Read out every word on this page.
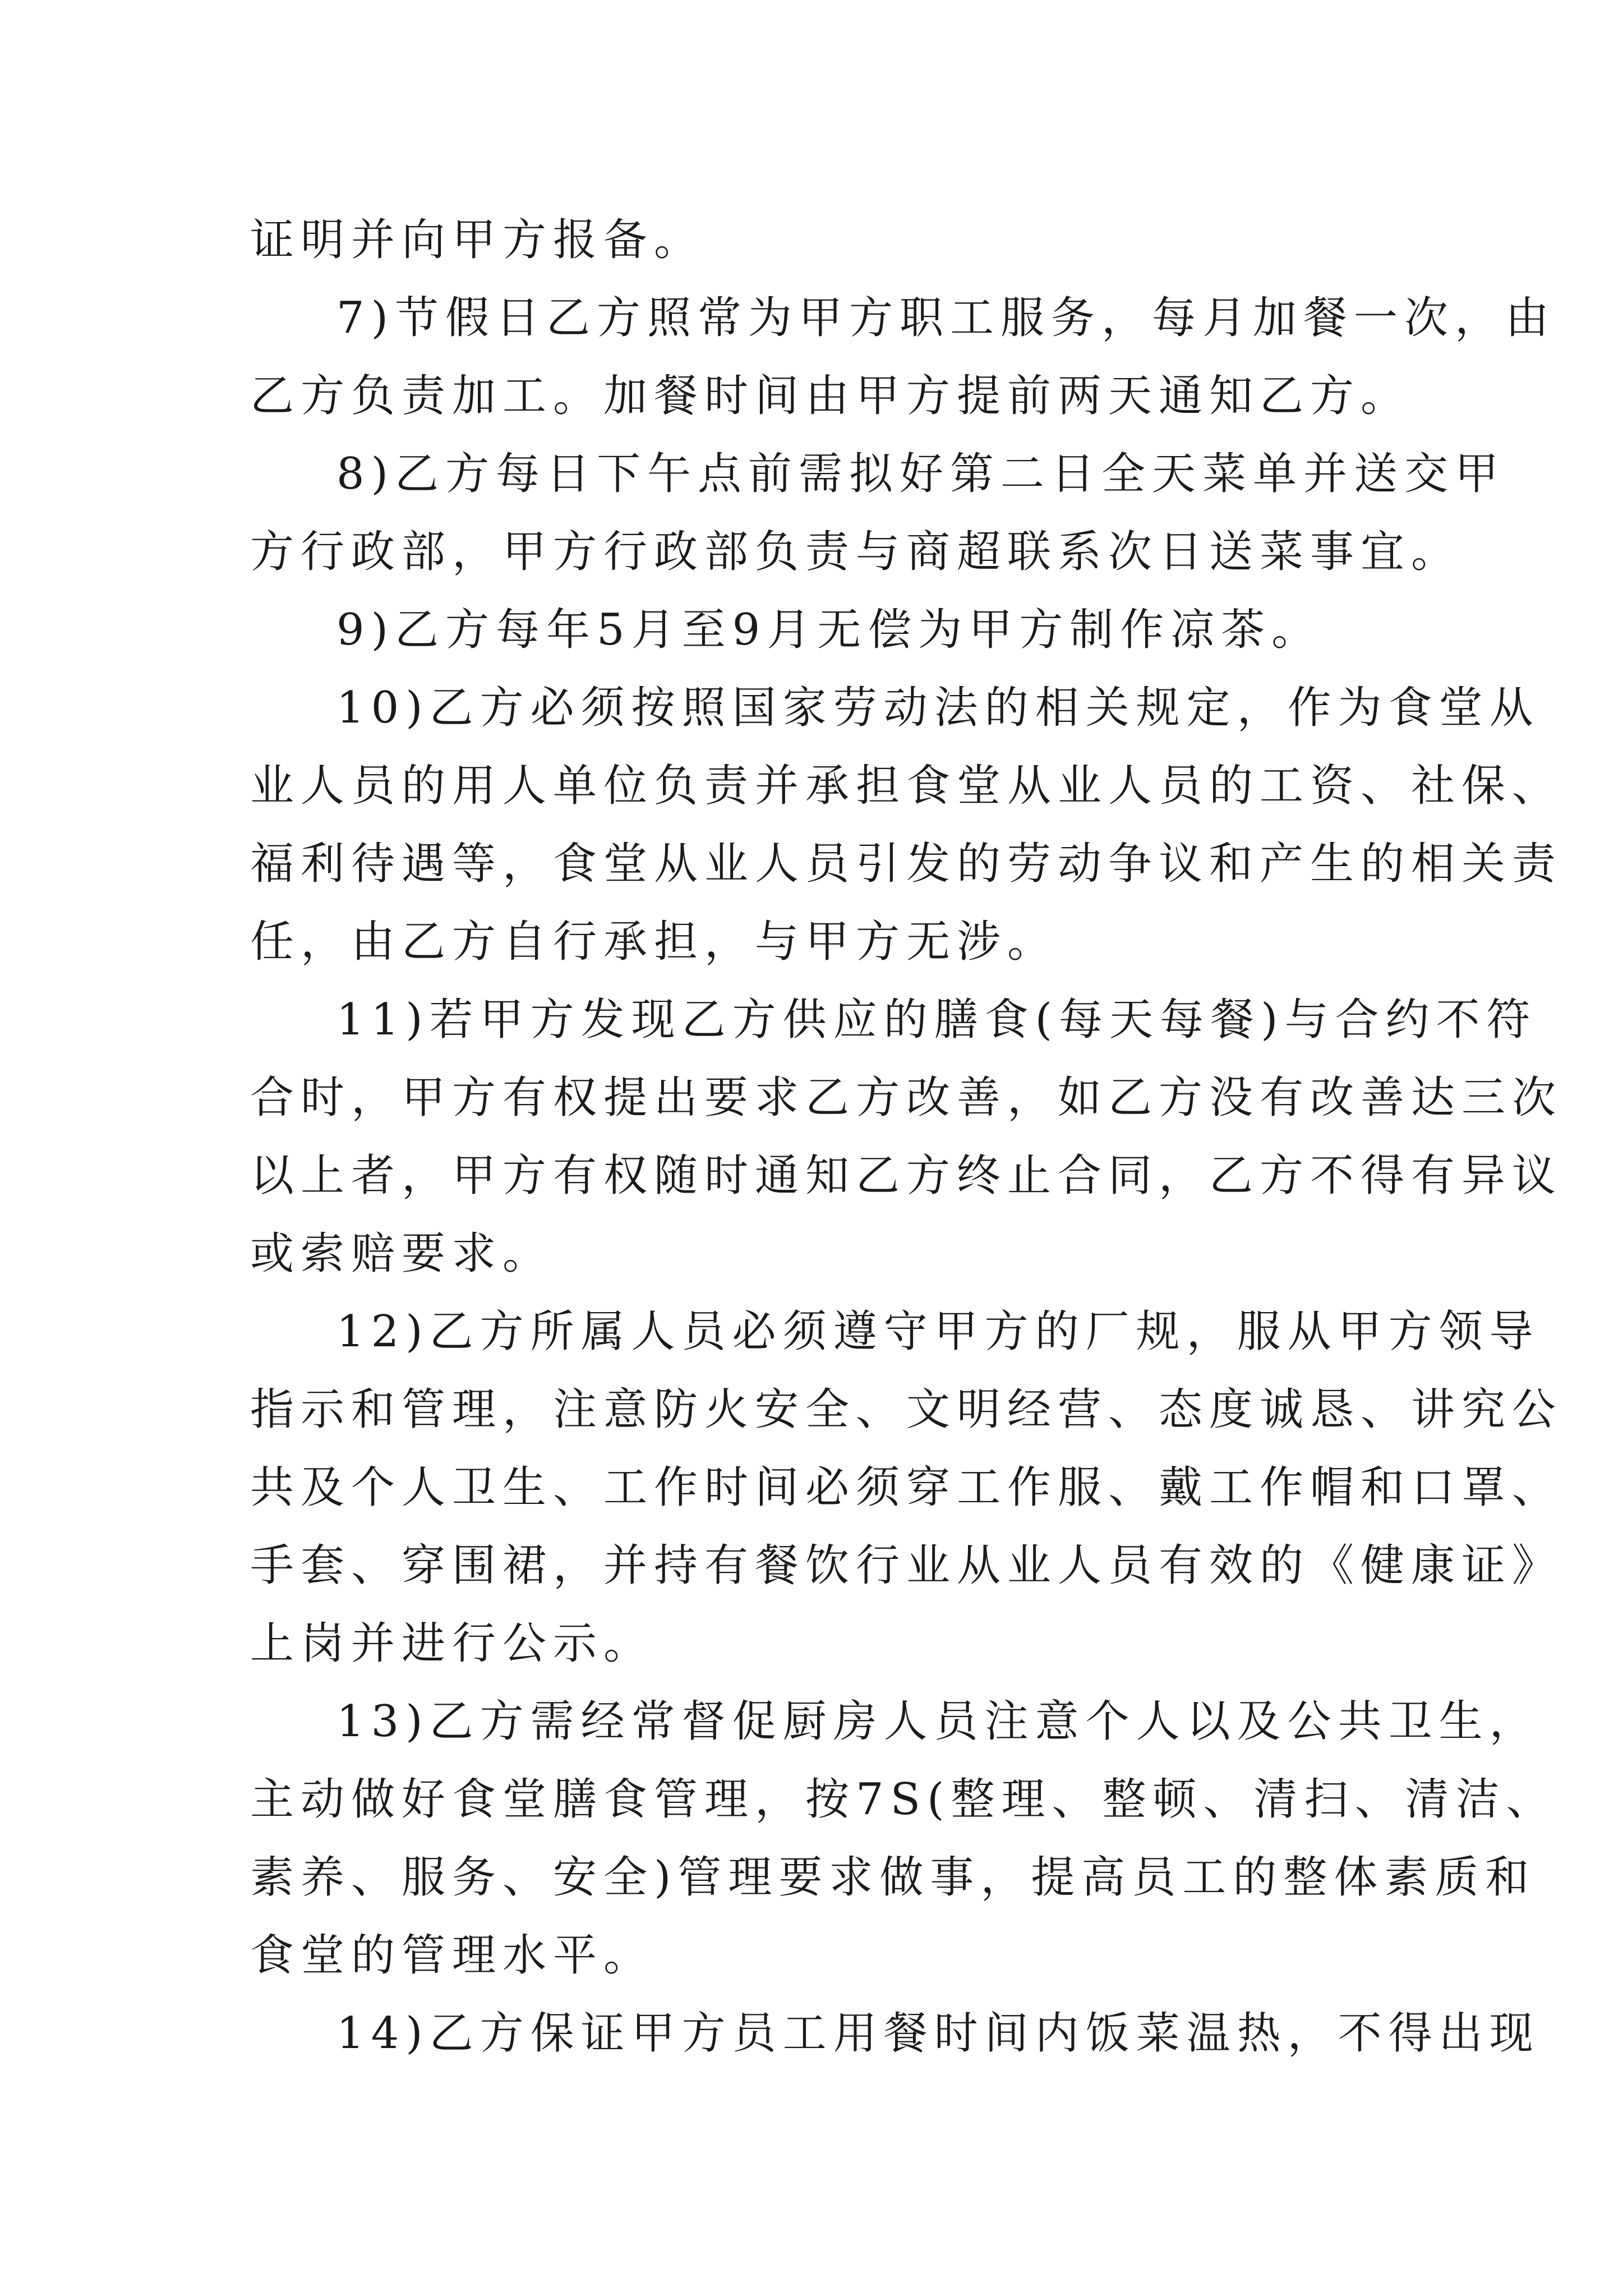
证明并向甲方报备。
7)节假日乙方照常为甲方职工服务，每月加餐一次，由
乙方负责加工。加餐时间由甲方提前两天通知乙方。
8)乙方每日下午点前需拟好第二日全天菜单并送交甲
方行政部，甲方行政部负责与商超联系次日送菜事宜。
9)乙方每年5月至9月无偿为甲方制作凉茶。
10)乙方必须按照国家劳动法的相关规定，作为食堂从
业人员的用人单位负责并承担食堂从业人员的工资、社保、
福利待遇等，食堂从业人员引发的劳动争议和产生的相关责
任，由乙方自行承担，与甲方无涉。
11)若甲方发现乙方供应的膳食(每天每餐)与合约不符
合时，甲方有权提出要求乙方改善，如乙方没有改善达三次
以上者，甲方有权随时通知乙方终止合同，乙方不得有异议
或索赔要求。
12)乙方所属人员必须遵守甲方的厂规，服从甲方领导
指示和管理，注意防火安全、文明经营、态度诚恳、讲究公
共及个人卫生、工作时间必须穿工作服、戴工作帽和口罩、
手套、穿围裙，并持有餐饮行业从业人员有效的《健康证》
上岗并进行公示。
13)乙方需经常督促厨房人员注意个人以及公共卫生，
主动做好食堂膳食管理，按7S(整理、整顿、清扫、清洁、
素养、服务、安全)管理要求做事，提高员工的整体素质和
食堂的管理水平。
14)乙方保证甲方员工用餐时间内饭菜温热，不得出现
